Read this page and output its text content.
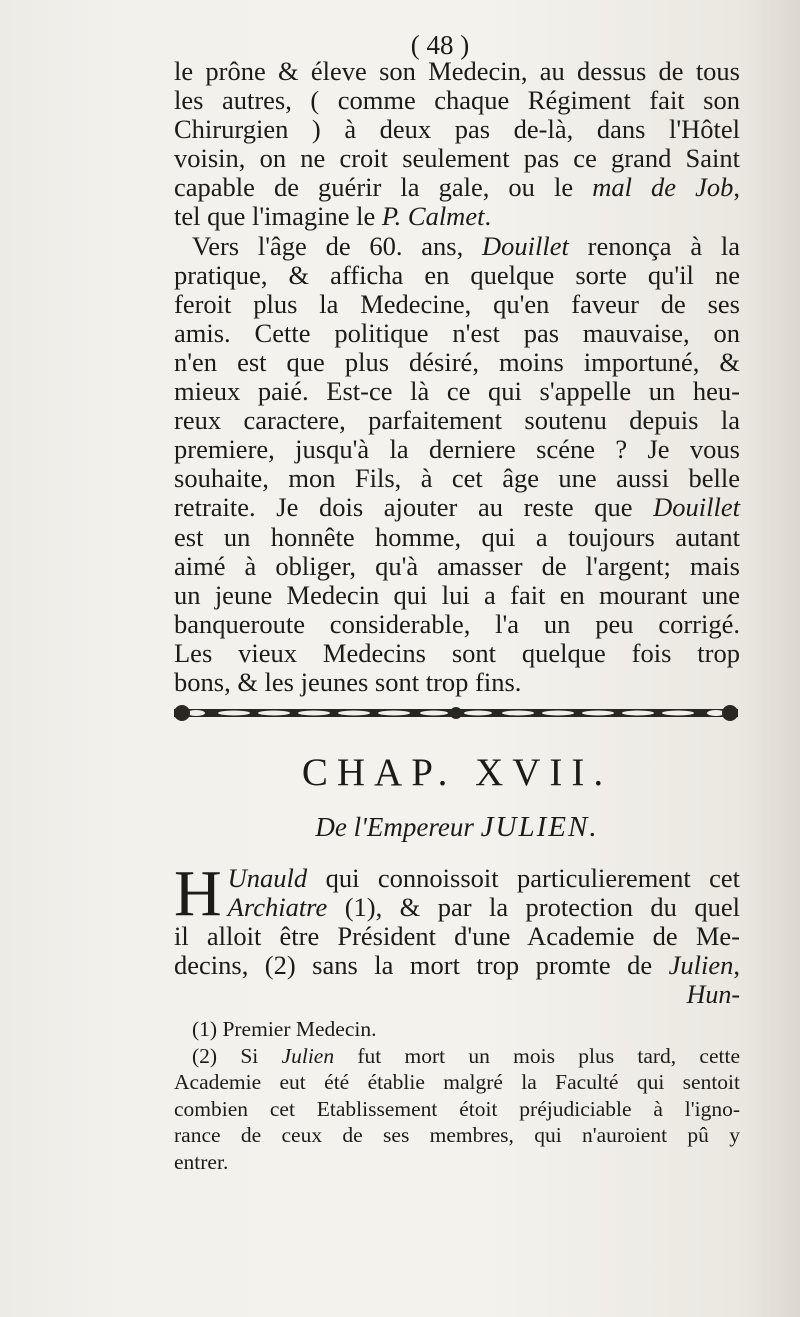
( 48 )
le prône & éleve son Medecin, au dessus de tous
les autres, ( comme chaque Régiment fait son
Chirurgien ) à deux pas de-là, dans l'Hôtel
voisin, on ne croit seulement pas ce grand Saint
capable de guérir la gale, ou le mal de Job,
tel que l'imagine le P. Calmet.
Vers l'âge de 60. ans, Douillet renonça à la
pratique, & afficha en quelque sorte qu'il ne
feroit plus la Medecine, qu'en faveur de ses
amis. Cette politique n'est pas mauvaise, on
n'en est que plus désiré, moins importuné, &
mieux paié. Est-ce là ce qui s'appelle un heu-
reux caractere, parfaitement soutenu depuis la
premiere, jusqu'à la derniere scéne ? Je vous
souhaite, mon Fils, à cet âge une aussi belle
retraite. Je dois ajouter au reste que Douillet
est un honnête homme, qui a toujours autant
aimé à obliger, qu'à amasser de l'argent; mais
un jeune Medecin qui lui a fait en mourant une
banqueroute considerable, l'a un peu corrigé.
Les vieux Medecins sont quelque fois trop
bons, & les jeunes sont trop fins.
CHAP. XVII.
De l'Empereur JULIEN.
H Unauld qui connoissoit particulierement cet
Archiatre (1), & par la protection du quel
il alloit être Président d'une Academie de Me-
decins, (2) sans la mort trop promte de Julien,
Hun-
(1) Premier Medecin.
(2) Si Julien fut mort un mois plus tard, cette
Academie eut été établie malgré la Faculté qui sentoit
combien cet Etablissement étoit préjudiciable à l'igno-
rance de ceux de ses membres, qui n'auroient pû y
entrer.
